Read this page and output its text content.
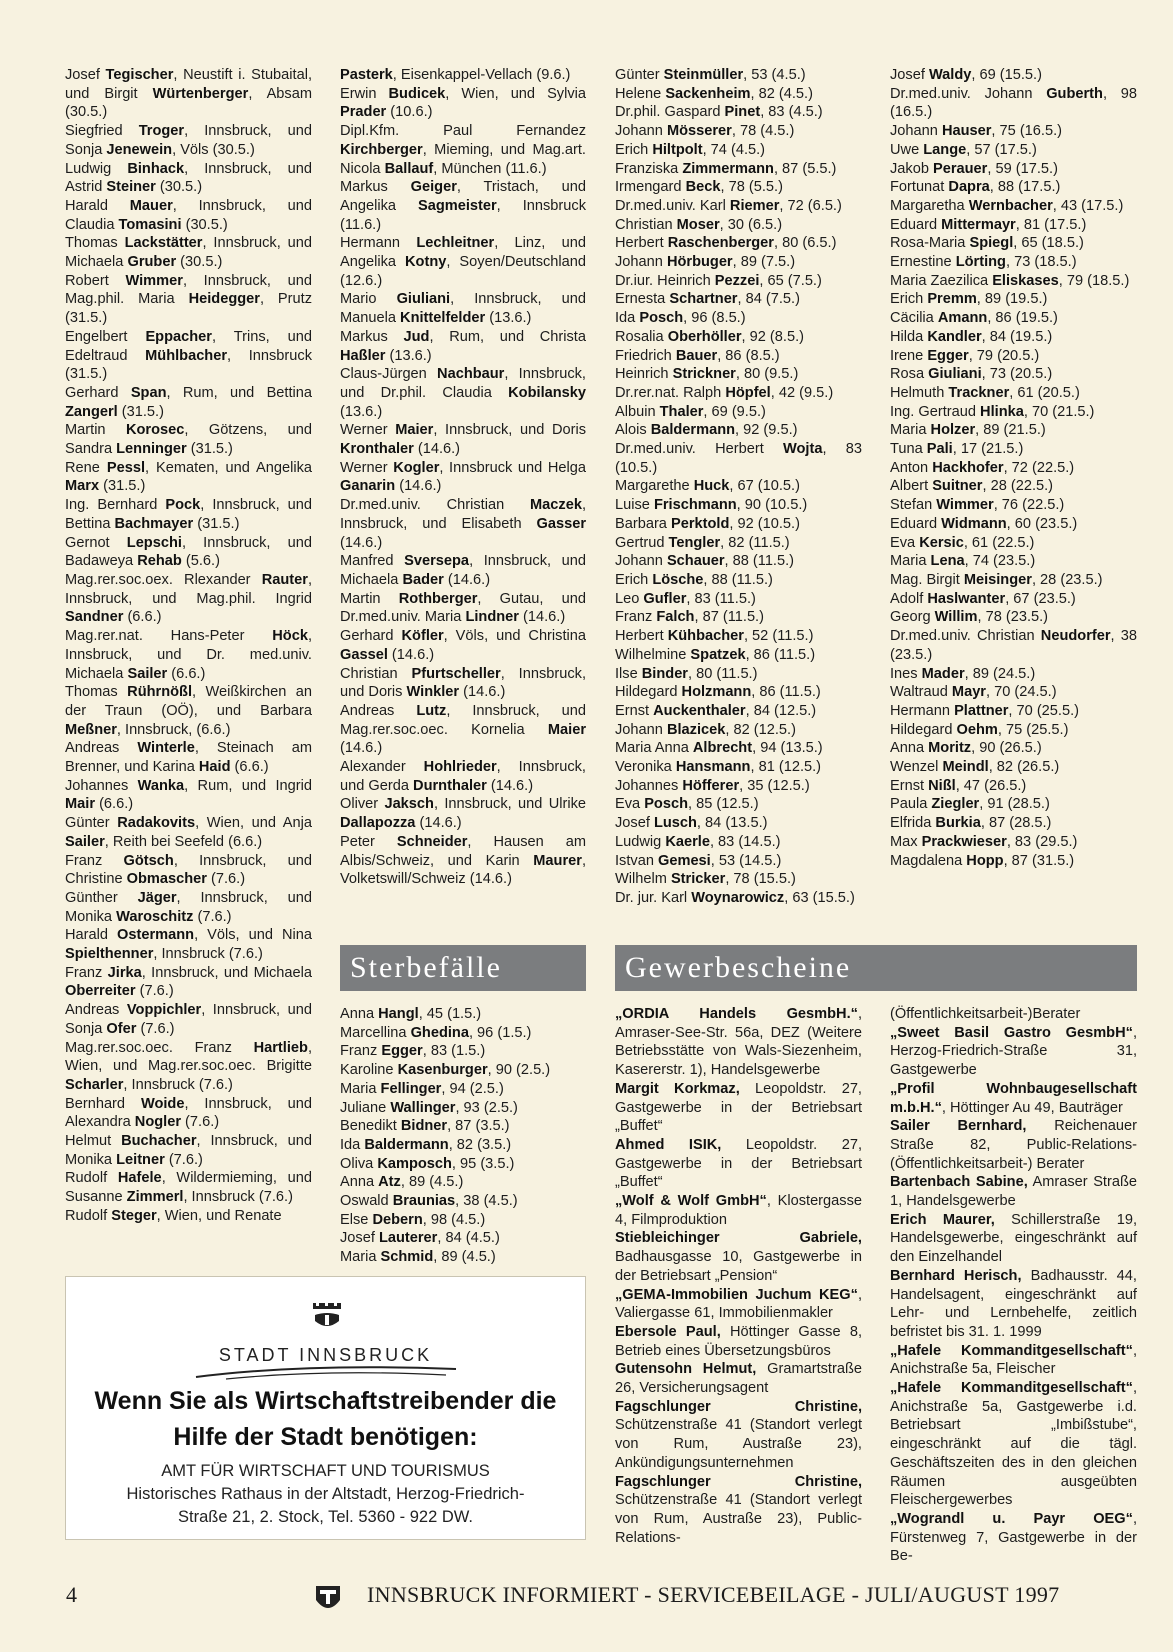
Josef Tegischer, Neustift i. Stubaital, und Birgit Würtenberger, Absam (30.5.)
Siegfried Troger, Innsbruck, und Sonja Jenewein, Völs (30.5.)
Ludwig Binhack, Innsbruck, und Astrid Steiner (30.5.)
Harald Mauer, Innsbruck, und Claudia Tomasini (30.5.)
Thomas Lackstätter, Innsbruck, und Michaela Gruber (30.5.)
Robert Wimmer, Innsbruck, und Mag.phil. Maria Heidegger, Prutz (31.5.)
Engelbert Eppacher, Trins, und Edeltraud Mühlbacher, Innsbruck (31.5.)
Gerhard Span, Rum, und Bettina Zangerl (31.5.)
Martin Korosec, Götzens, und Sandra Lenninger (31.5.)
Rene Pessl, Kematen, und Angelika Marx (31.5.)
Ing. Bernhard Pock, Innsbruck, und Bettina Bachmayer (31.5.)
Gernot Lepschi, Innsbruck, und Badaweya Rehab (5.6.)
Mag.rer.soc.oex. Rlexander Rauter, Innsbruck, und Mag.phil. Ingrid Sandner (6.6.)
Mag.rer.nat. Hans-Peter Höck, Innsbruck, und Dr. med.univ. Michaela Sailer (6.6.)
Thomas Rührnößl, Weißkirchen an der Traun (OÖ), und Barbara Meßner, Innsbruck, (6.6.)
Andreas Winterle, Steinach am Brenner, und Karina Haid (6.6.)
Johannes Wanka, Rum, und Ingrid Mair (6.6.)
Günter Radakovits, Wien, und Anja Sailer, Reith bei Seefeld (6.6.)
Franz Götsch, Innsbruck, und Christine Obmascher (7.6.)
Günther Jäger, Innsbruck, und Monika Waroschitz (7.6.)
Harald Ostermann, Völs, und Nina Spielthenner, Innsbruck (7.6.)
Franz Jirka, Innsbruck, und Michaela Oberreiter (7.6.)
Andreas Voppichler, Innsbruck, und Sonja Ofer (7.6.)
Mag.rer.soc.oec. Franz Hartlieb, Wien, und Mag.rer.soc.oec. Brigitte Scharler, Innsbruck (7.6.)
Bernhard Woide, Innsbruck, und Alexandra Nogler (7.6.)
Helmut Buchacher, Innsbruck, und Monika Leitner (7.6.)
Rudolf Hafele, Wildermieming, und Susanne Zimmerl, Innsbruck (7.6.)
Rudolf Steger, Wien, und Renate
Pasterk, Eisenkappel-Vellach (9.6.)
Erwin Budicek, Wien, und Sylvia Prader (10.6.)
Dipl.Kfm. Paul Fernandez Kirchberger, Mieming, und Mag.art. Nicola Ballauf, München (11.6.)
Markus Geiger, Tristach, und Angelika Sagmeister, Innsbruck (11.6.)
Hermann Lechleitner, Linz, und Angelika Kotny, Soyen/Deutschland (12.6.)
Mario Giuliani, Innsbruck, und Manuela Knittelfelder (13.6.)
Markus Jud, Rum, und Christa Haßler (13.6.)
Claus-Jürgen Nachbaur, Innsbruck, und Dr.phil. Claudia Kobilansky (13.6.)
Werner Maier, Innsbruck, und Doris Kronthaler (14.6.)
Werner Kogler, Innsbruck und Helga Ganarin (14.6.)
Dr.med.univ. Christian Maczek, Innsbruck, und Elisabeth Gasser (14.6.)
Manfred Sversepa, Innsbruck, und Michaela Bader (14.6.)
Martin Rothberger, Gutau, und Dr.med.univ. Maria Lindner (14.6.)
Gerhard Köfler, Völs, und Christina Gassel (14.6.)
Christian Pfurtscheller, Innsbruck, und Doris Winkler (14.6.)
Andreas Lutz, Innsbruck, und Mag.rer.soc.oec. Kornelia Maier (14.6.)
Alexander Hohlrieder, Innsbruck, und Gerda Durnthaler (14.6.)
Oliver Jaksch, Innsbruck, und Ulrike Dallapozza (14.6.)
Peter Schneider, Hausen am Albis/Schweiz, und Karin Maurer, Volketswill/Schweiz (14.6.)
Günter Steinmüller, 53 (4.5.)
Helene Sackenheim, 82 (4.5.)
Dr.phil. Gaspard Pinet, 83 (4.5.)
Johann Mösserer, 78 (4.5.)
Erich Hiltpolt, 74 (4.5.)
Franziska Zimmermann, 87 (5.5.)
Irmengard Beck, 78 (5.5.)
Dr.med.univ. Karl Riemer, 72 (6.5.)
Christian Moser, 30 (6.5.)
Herbert Raschenberger, 80 (6.5.)
Johann Hörbuger, 89 (7.5.)
Dr.iur. Heinrich Pezzei, 65 (7.5.)
Ernesta Schartner, 84 (7.5.)
Ida Posch, 96 (8.5.)
Rosalia Oberhöller, 92 (8.5.)
Friedrich Bauer, 86 (8.5.)
Heinrich Strickner, 80 (9.5.)
Dr.rer.nat. Ralph Höpfel, 42 (9.5.)
Albuin Thaler, 69 (9.5.)
Alois Baldermann, 92 (9.5.)
Dr.med.univ. Herbert Wojta, 83 (10.5.)
Margarethe Huck, 67 (10.5.)
Luise Frischmann, 90 (10.5.)
Barbara Perktold, 92 (10.5.)
Gertrud Tengler, 82 (11.5.)
Johann Schauer, 88 (11.5.)
Erich Lösche, 88 (11.5.)
Leo Gufler, 83 (11.5.)
Franz Falch, 87 (11.5.)
Herbert Kühbacher, 52 (11.5.)
Wilhelmine Spatzek, 86 (11.5.)
Ilse Binder, 80 (11.5.)
Hildegard Holzmann, 86 (11.5.)
Ernst Auckenthaler, 84 (12.5.)
Johann Blazicek, 82 (12.5.)
Maria Anna Albrecht, 94 (13.5.)
Veronika Hansmann, 81 (12.5.)
Johannes Höfferer, 35 (12.5.)
Eva Posch, 85 (12.5.)
Josef Lusch, 84 (13.5.)
Ludwig Kaerle, 83 (14.5.)
Istvan Gemesi, 53 (14.5.)
Wilhelm Stricker, 78 (15.5.)
Dr. jur. Karl Woynarowicz, 63 (15.5.)
Josef Waldy, 69 (15.5.)
Dr.med.univ. Johann Guberth, 98 (16.5.)
Johann Hauser, 75 (16.5.)
Uwe Lange, 57 (17.5.)
Jakob Perauer, 59 (17.5.)
Fortunat Dapra, 88 (17.5.)
Margaretha Wernbacher, 43 (17.5.)
Eduard Mittermayr, 81 (17.5.)
Rosa-Maria Spiegl, 65 (18.5.)
Ernestine Lörting, 73 (18.5.)
Maria Zaezilica Eliskases, 79 (18.5.)
Erich Premm, 89 (19.5.)
Cäcilia Amann, 86 (19.5.)
Hilda Kandler, 84 (19.5.)
Irene Egger, 79 (20.5.)
Rosa Giuliani, 73 (20.5.)
Helmuth Trackner, 61 (20.5.)
Ing. Gertraud Hlinka, 70 (21.5.)
Maria Holzer, 89 (21.5.)
Tuna Pali, 17 (21.5.)
Anton Hackhofer, 72 (22.5.)
Albert Suitner, 28 (22.5.)
Stefan Wimmer, 76 (22.5.)
Eduard Widmann, 60 (23.5.)
Eva Kersic, 61 (22.5.)
Maria Lena, 74 (23.5.)
Mag. Birgit Meisinger, 28 (23.5.)
Adolf Haslwanter, 67 (23.5.)
Georg Willim, 78 (23.5.)
Dr.med.univ. Christian Neudorfer, 38 (23.5.)
Ines Mader, 89 (24.5.)
Waltraud Mayr, 70 (24.5.)
Hermann Plattner, 70 (25.5.)
Hildegard Oehm, 75 (25.5.)
Anna Moritz, 90 (26.5.)
Wenzel Meindl, 82 (26.5.)
Ernst Nißl, 47 (26.5.)
Paula Ziegler, 91 (28.5.)
Elfrida Burkia, 87 (28.5.)
Max Prackwieser, 83 (29.5.)
Magdalena Hopp, 87 (31.5.)
Sterbefälle	Gewerbescheine
Anna Hangl, 45 (1.5.)
Marcellina Ghedina, 96 (1.5.)
Franz Egger, 83 (1.5.)
Karoline Kasenburger, 90 (2.5.)
Maria Fellinger, 94 (2.5.)
Juliane Wallinger, 93 (2.5.)
Benedikt Bidner, 87 (3.5.)
Ida Baldermann, 82 (3.5.)
Oliva Kamposch, 95 (3.5.)
Anna Atz, 89 (4.5.)
Oswald Braunias, 38 (4.5.)
Else Debern, 98 (4.5.)
Josef Lauterer, 84 (4.5.)
Maria Schmid, 89 (4.5.)
„ORDIA Handels GesmbH.“, Amraser-See-Str. 56a, DEZ (Weitere Betriebsstätte von Wals-Siezenheim, Kasererstr. 1), Handelsgewerbe
Margit Korkmaz, Leopoldstr. 27, Gastgewerbe in der Betriebsart „Buffet“
Ahmed ISIK, Leopoldstr. 27, Gastgewerbe in der Betriebsart „Buffet“
„Wolf & Wolf GmbH“, Klostergasse 4, Filmproduktion
Stiebleichinger Gabriele, Badhausgasse 10, Gastgewerbe in der Betriebsart „Pension“
„GEMA-Immobilien Juchum KEG“, Valiergasse 61, Immobilienmakler
Ebersole Paul, Höttinger Gasse 8, Betrieb eines Übersetzungsbüros
Gutensohn Helmut, Gramartstraße 26, Versicherungsagent
Fagschlunger Christine, Schützenstraße 41 (Standort verlegt von Rum, Austraße 23), Ankündigungsunternehmen
Fagschlunger Christine, Schützenstraße 41 (Standort verlegt von Rum, Austraße 23), Public-Relations-
(Öffentlichkeitsarbeit-)Berater
„Sweet Basil Gastro GesmbH“, Herzog-Friedrich-Straße 31, Gastgewerbe
„Profil Wohnbaugesellschaft m.b.H.“, Höttinger Au 49, Bauträger
Sailer Bernhard, Reichenauer Straße 82, Public-Relations-(Öffentlichkeitsarbeit-) Berater
Bartenbach Sabine, Amraser Straße 1, Handelsgewerbe
Erich Maurer, Schillerstraße 19, Handelsgewerbe, eingeschränkt auf den Einzelhandel
Bernhard Herisch, Badhausstr. 44, Handelsagent, eingeschränkt auf Lehr- und Lernbehelfe, zeitlich befristet bis 31. 1. 1999
„Hafele Kommanditgesellschaft“, Anichstraße 5a, Fleischer
„Hafele Kommanditgesellschaft“, Anichstraße 5a, Gastgewerbe i.d. Betriebsart „Imbißstube“, eingeschränkt auf die tägl. Geschäftszeiten des in den gleichen Räumen ausgeübten Fleischergewerbes
„Wograndl u. Payr OEG“, Fürstenweg 7, Gastgewerbe in der Be-
STADT INNSBRUCK
Wenn Sie als Wirtschaftstreibender die
Hilfe der Stadt benötigen:
AMT FÜR WIRTSCHAFT UND TOURISMUS
Historisches Rathaus in der Altstadt, Herzog-Friedrich-
Straße 21, 2. Stock, Tel. 5360 - 922 DW.
4	INNSBRUCK INFORMIERT - SERVICEBEILAGE - JULI/AUGUST 1997
